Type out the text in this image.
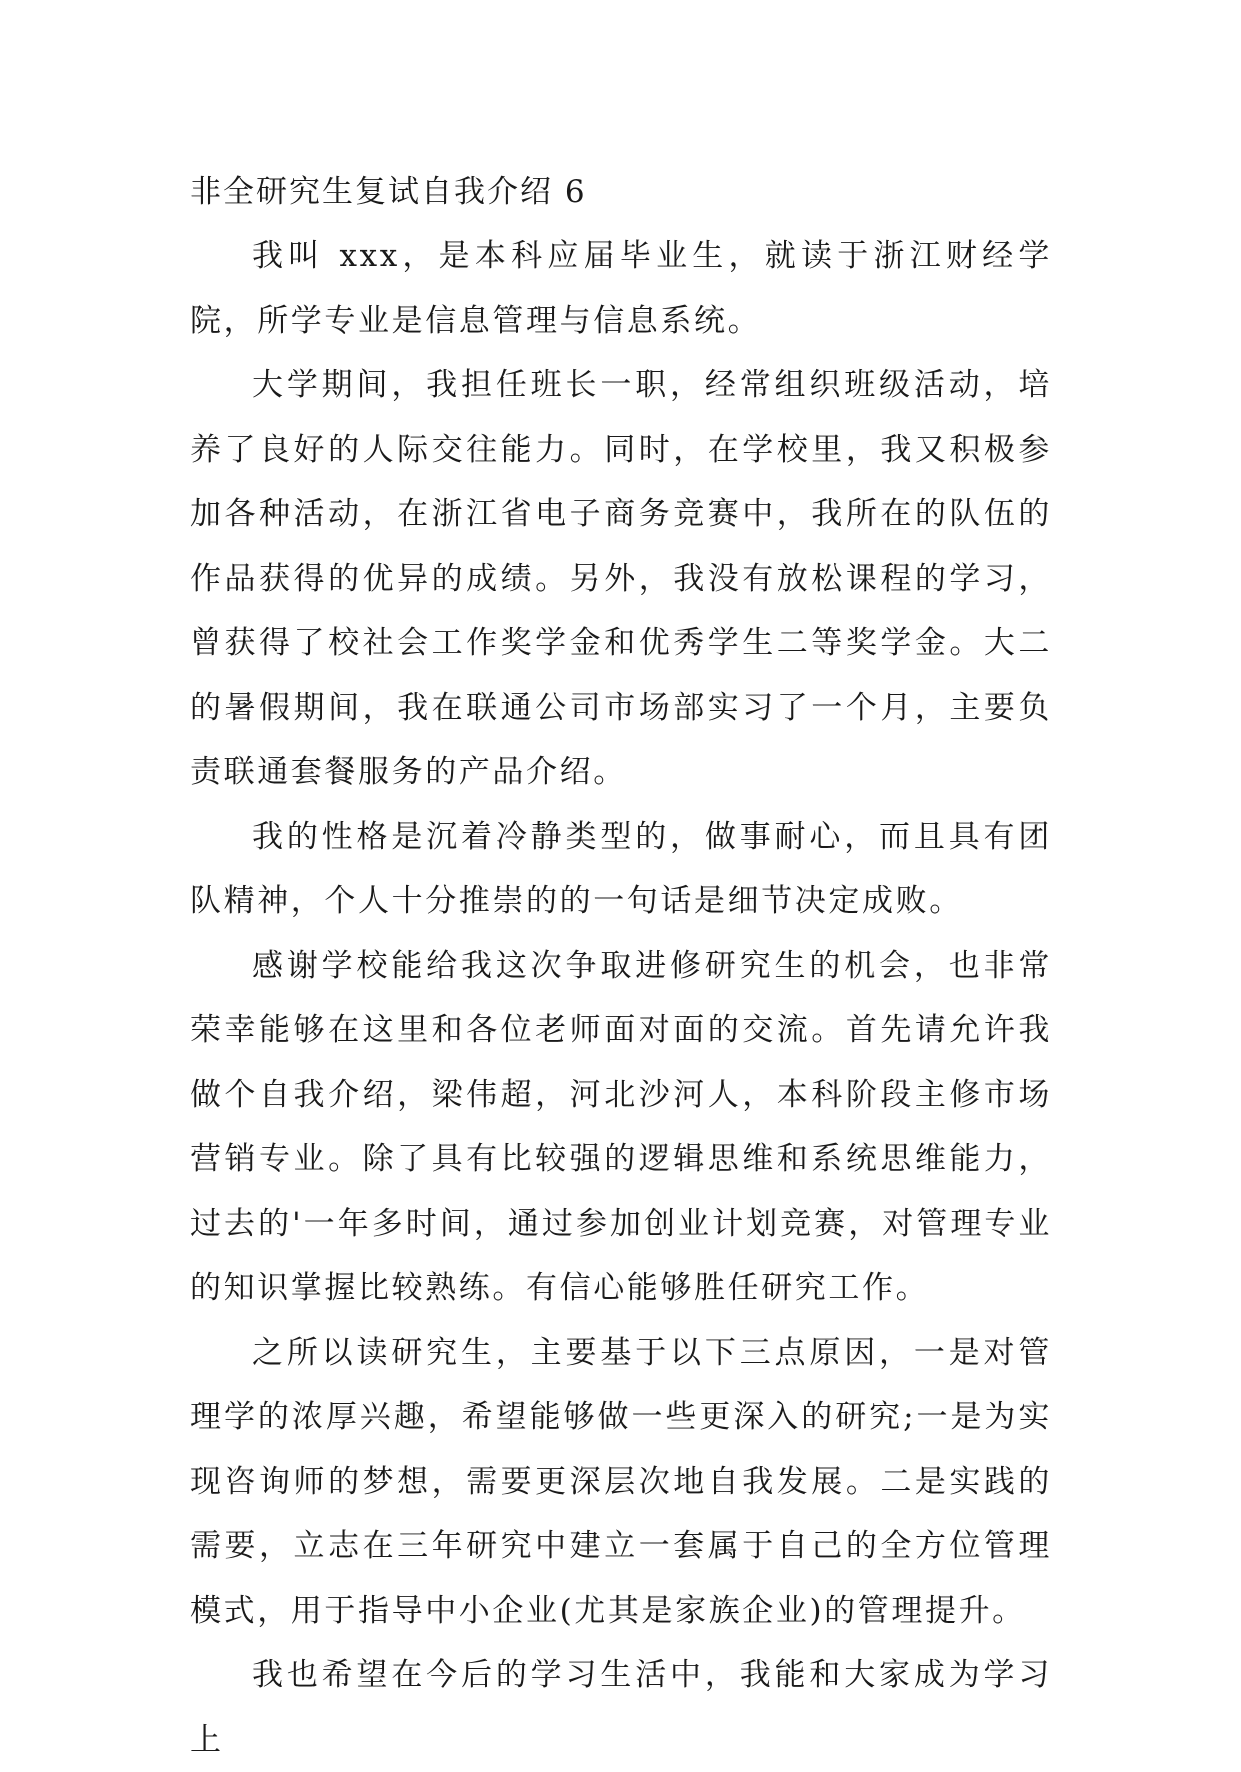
非全研究生复试自我介绍 6

我叫 xxx，是本科应届毕业生，就读于浙江财经学院，所学专业是信息管理与信息系统。

大学期间，我担任班长一职，经常组织班级活动，培养了良好的人际交往能力。同时，在学校里，我又积极参加各种活动，在浙江省电子商务竞赛中，我所在的队伍的作品获得的优异的成绩。另外，我没有放松课程的学习，曾获得了校社会工作奖学金和优秀学生二等奖学金。大二的暑假期间，我在联通公司市场部实习了一个月，主要负责联通套餐服务的产品介绍。

我的性格是沉着冷静类型的，做事耐心，而且具有团队精神，个人十分推崇的的一句话是细节决定成败。

感谢学校能给我这次争取进修研究生的机会，也非常荣幸能够在这里和各位老师面对面的交流。首先请允许我做个自我介绍，梁伟超，河北沙河人，本科阶段主修市场营销专业。除了具有比较强的逻辑思维和系统思维能力，过去的'一年多时间，通过参加创业计划竞赛，对管理专业的知识掌握比较熟练。有信心能够胜任研究工作。

之所以读研究生，主要基于以下三点原因，一是对管理学的浓厚兴趣，希望能够做一些更深入的研究;一是为实现咨询师的梦想，需要更深层次地自我发展。二是实践的需要，立志在三年研究中建立一套属于自己的全方位管理模式，用于指导中小企业(尤其是家族企业)的管理提升。

我也希望在今后的学习生活中，我能和大家成为学习上
